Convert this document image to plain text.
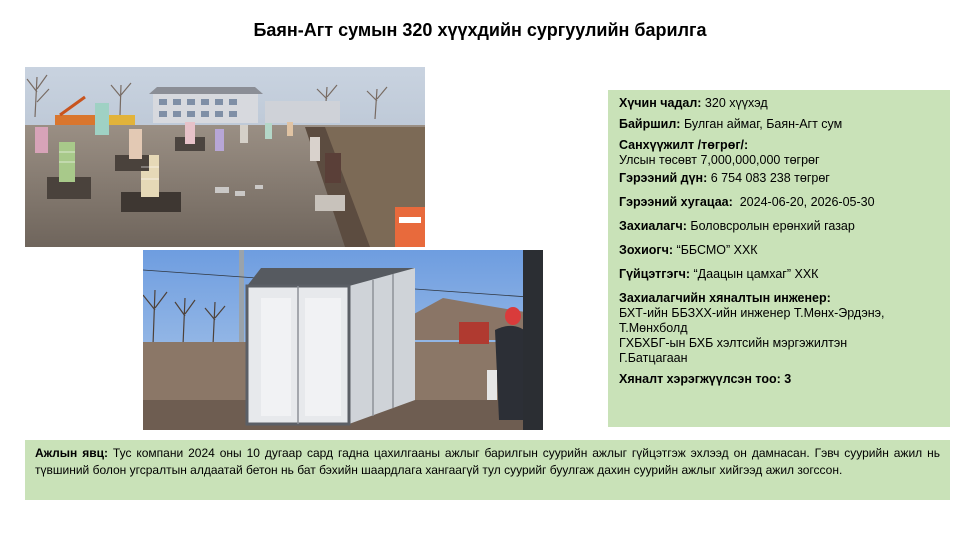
Баян-Агт сумын 320 хүүхдийн сургуулийн барилга
Хүчин чадал: 320 хүүхэд
Байршил: Булган аймаг, Баян-Агт сум
Санхүүжилт /төгрөг/:
Улсын төсөвт 7,000,000,000 төгрөг
Гэрээний дүн: 6 754 083 238 төгрөг
Гэрээний хугацаа:  2024-06-20, 2026-05-30
Захиалагч: Боловсролын ерөнхий газар
Зохиогч: “ББСМО” ХХК
Гүйцэтгэгч: “Даацын цамхаг” ХХК
Захиалагчийн хяналтын инженер:
БХТ-ийн ББЗХХ-ийн инженер Т.Мөнх-Эрдэнэ,
Т.Мөнхболд
ГХБХБГ-ын БХБ хэлтсийн мэргэжилтэн
Г.Батцагаан
Хяналт хэрэгжүүлсэн тоо: 3
Ажлын явц: Тус компани 2024 оны 10 дугаар сард гадна цахилгааны ажлыг барилгын суурийн ажлыг гүйцэтгэж эхлээд он дамнасан. Гэвч суурийн ажил нь түвшиний болон угсралтын алдаатай бетон нь бат бэхийн шаардлага хангаагүй тул суурийг буулгаж дахин суурийн ажлыг хийгээд ажил зогссон.
